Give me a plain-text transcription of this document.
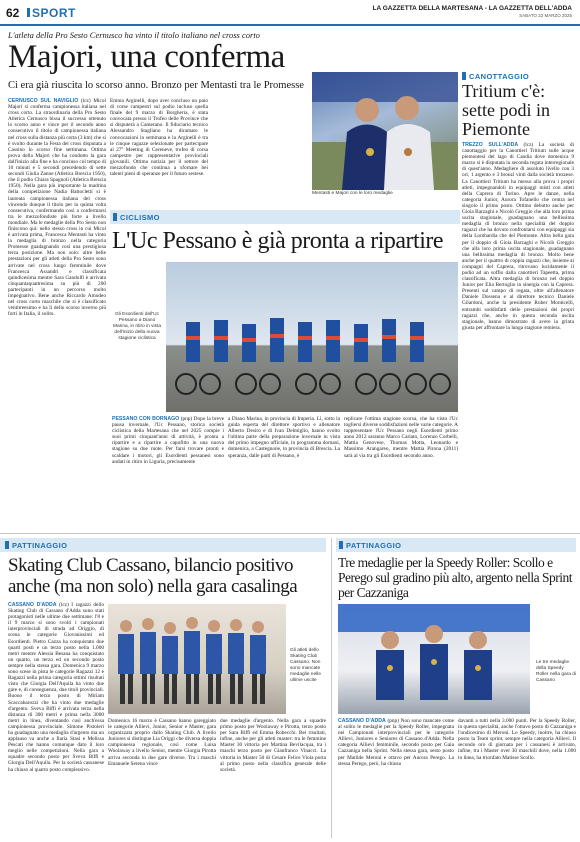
62 SPORT	LA GAZZETTA DELLA MARTESANA - LA GAZZETTA DELL'ADDA
SABATO 22 MARZO 2025
L'atleta della Pro Sesto Cernusco ha vinto il titolo italiano nel cross corto
Majori, una conferma
Ci era già riuscita lo scorso anno. Bronzo per Mentasti tra le Promesse
CERNUSCO SUL NAVIGLIO (lcz) Micol Majori si conferma campionessa italiana nel cross corto. La straordinaria della Pro Sesto Atletica Cernusco bissa il successo ottenuto lo scorso anno e vince per il secondo anno consecutivo il titolo di campionessa italiana nel cross sulla distanza più corta (3 km) che si è svolto durante la Festa del cross disputata a Cassino lo scorso fine settimana. Ottima prova della Majori che ha condotto la gara dall'inizio alla fine e ha concluso col tempo di 10 minuti e 5 secondi precedendo di sette secondi Giulia Zanne (Atletica Brescia 1950), che il podio Chiara Spagnoli (Atletica Brescia 1950). Nella gara più importante la madrina della competizione Nadia Battocletti si è laureata campionessa italiana del cross vincendo dunque il titolo per la quinta volta consecutiva, confermando così a confermarsi tra le mezzofondiste più forte a livello mondiale. Ma le medaglie della Pro Sesto non finiscono qui: nello stesso cross in cui Micol è arrivata prima, Francesca Mentasti ha vinto la medaglia di bronzo nella categoria Promesse guadagnando così una prestigiosa terza posizione. Ma non solo: altre belle prestazioni per gli atleti della Pro Sesto sono arrivate nel cross lungo femminile dove Francesca Assandri e classificata quindicesima mentre Sara Gandolfi è arrivata cinquantaquattresima su più di 200 partecipanti in un percorso molto impegnativo. Bene anche Riccardo Amodeo nel cross corto maschile che si è classificato ventitreesimo e ha lì dello scorso inverno più forti in Italia, il solito.
Emma Arginelli, dopo aver concluso un paio di corse campestri sul podio incluso quella finale del 9 marzo di Borgheria, è stata convocata presso il Trofeo delle Province che si disputerà a Camerano. Il fiduciario tecnico Alessandro Stagliano ha diramato le convocazioni in settimana e la Arginelli è tra le cinque ragazze selezionate per partecipare al 27° Meeting di Cereneve, trofeo di corsa campestre per rappresentative provinciali giovanili. Ottima notizia per il settore del mezzofondo che continua a sfornare bei talenti pieni di speranze per il futuro sestese.
Mentasti e Majori con le loro medaglie
CANOTTAGGIO
Tritium c'è: sette podi in Piemonte
TREZZO SULL'ADDA (lcz) La società di canottaggio per la Canottieri Tritium sulle acque piemontesi del lago di Candia dove domenica 9 marzo si è disputata la seconda regata interregionale di quest'anno. Medagliere di assoluto livello con 3 ori, 1 argento e 3 bronzi vinti dalla società trezzese. La Canottieri Tritium ha messo alla prova i propri atleti, impegnandoli in equipaggi misti con atleti della Caprera di Torino. Apre le danze, nella categoria Junior, Aurora Tofanello che centra nel singolo il primo posto. Ottimo debutto anche per Gioia Barzaghi e Nicolò Greggio che alla loro prima uscita stagionale, guadagnano una bellissima medaglia di bronzo nella specialità del doppio ragazzi che ha dovuto confrontarsi con equipaggi sia della Lombardia che del Piemonte. Altra bella gara per il doppio di Gioia Barzaghi e Nicolò Greggio che alla loro prima uscita stagionale, guadagnano una bellissima medaglia di bronzo. Molto bene anche per il quattro di coppia ragazzi che, insieme ai compagni del Caprera, ritrovano lucidamente il podio ad un soffio dalla canottieri Tapeetta, prima classificata. Altra medaglia di bronzo nel doppio Junior per Elia Bertoglio in sinergia con la Caprera. Presenti sul campo di regata, oltre all'allenatore Daniele Dossena e al direttore tecnico Daniele Gilardoni, anche la presidente Ruber Monticelli, entrambi soddisfatti delle prestazioni dei propri ragazzi che, anche in questa seconda uscita stagionale, hanno dimostrato di avere la grinta giusta per affrontare la lunga stagione remiera.
CICLISMO
L'Uc Pessano è già pronta a ripartire
Gli Esordienti dell'Uc Pessano a Diano Marina, in ritiro in vista dell'inizio della nuova stagione ciclistica
PESSANO CON BORNAGO (pnp) Dopo la breve pausa invernale, l'Uc Pessano, storica società ciclistica della Martesana che nel 2025 compie i suoi primi cinquant'anni di attività, è pronta a ripartire e a ripartire a capofitto in una nuova stagione su due ruote. Per farsi trovare pronti e scaldare i motori, gli Esordienti pessanesi sono andati in ritiro in Liguria, precisamente
a Diano Marina, in provincia di Imperia. Lì, sotto la guida esperta del direttore sportivo e allenatore Alberto Desiro e di Ivan Delmiglio, hanno svolto l'ultima parte della preparazione invernale in vista del primo impegno ufficiale, in programma domani, domenica, a Castegnone, in provincia di Brescia. La speranza, dalle parti di Pessano, è
replicare l'ottima stagione scorsa, che ha visto l'Uc togliersi diverse soddisfazioni nelle varie categorie. A rappresentare l'Uc Pessano negli Esordienti primo anno 2012 saranno Marco Cariato, Lorenzo Corbelli, Mattia Genovese, Thomas Motta, Leonardo e Massimo Arangareo, mentre Mattia Pirona (2011) sarà al via tra gli Esordienti secondo anno.
PATTINAGGIO
Skating Club Cassano, bilancio positivo anche (ma non solo) nella gara casalinga
CASSANO D'ADDA (lcz) I ragazzi dello Skating Club di Cassano d'Adda sono stati protagonisti nelle ultime due settimane: l'8 e il 9 marzo si sono svolti i campionati interprovinciali di strada ad Origgio, di scena le categorie Giovanissimi ed Esordienti. Pietro Cazza ha conquistato due quarti posti e un terzo posto nella 1.000 metri mentre Alessia Besana ha conquistato un quarto, un terzo ed un secondo posto sempre nella stessa gara. Domenica 9 marzo sono scese in pista le categorie Ragazzi 12 e Ragazzi nella prima categoria ottimi risultati visto che Giorgia Dell'Aquila ha vinto due gare e, di conseguenza, due titoli provinciali. Buono il terzo posto di Miriam Scaccabarozzi che ha vinto due medaglie d'argento. Sveva Biffi è arrivata terza nella distanza di 300 metri e prima nella 3000 metri in linea, diventando così anch'essa campionessa provinciale. Simone Pistoleri ha guadagnato una medaglia d'argento ma un applauso va anche a Ilaria Stasi e Melissa Pescati che hanno comunque dato il loro meglio nelle competizioni. Nella gara a squadre secondo posto per Sveva Biffi e Giorgia Dell'Aquila. Per la società cassanese ha chiuso al quarto posto complessivo.
Gli atleti dello Skating Club Cassano. Non sono mancate medaglie nelle ultime uscite
Domenica 16 marzo è Cassano hanno gareggiato le categorie Allievi, Junior, Senior e Master, gara organizzata proprio dallo Skating Club. A livello Juniores si distingue Lia Origgi che diversa doppia campionessa regionale, così come Luisa Woolaway a livello Senior, mentre Giorgia Pirotta arriva seconda in due gare diverse. Tra i maschi Emanuele Serena vince
due medaglie d'argento. Nella gara a squadre primo posto per Woolaway e Pirotta, terzo posto per Sara Biffi ed Emma Robecchi. Bei risultati, infine, anche per gli atleti master: tra le femmine Master 30 vittoria per Martina Bevilacqua, tra i maschi terzo posto per Gianfranco Vinacci. La vittoria in Master 50 di Cesare Felice Viola porta al primo posto nella classifica generale delle società.
PATTINAGGIO
Tre medaglie per la Speedy Roller: Scollo e Perego sul gradino più alto, argento nella Sprint per Cazzaniga
Le tre medaglie della Speedy Roller nella gara di Cassano
CASSANO D'ADDA (pnp) Non sono mancate come al solito le medaglie per la Speedy Roller, impegnata nei Campionati interprovinciali per le categorie Allievi, Juniores e Seniores di Cassano d'Adda. Nella categoria Allievi femminile, secondo posto per Gaia Cazzaniga nella Sprint. Nella stessa gara, sesto posto per Matilde Meroni e ottavo per Aurora Perego. La stessa Perego, però, ha chiuso
davanti a tutti nella 3.000 punti. Per la Speedy Roller, in questa specialità, anche l'ottavo posto di Cazzaniga e l'undicesimo di Meroni. Lo Speedy, inoltre, ha chiuso posto la Team sprint, sempre nella categoria Allievi. Il secondo oro di giornata per i cassanesi è arrivato, infine, tra i Master over 30 maschili dove, nella 1.000 in linea, ha trionfato Matisse Scollo.
